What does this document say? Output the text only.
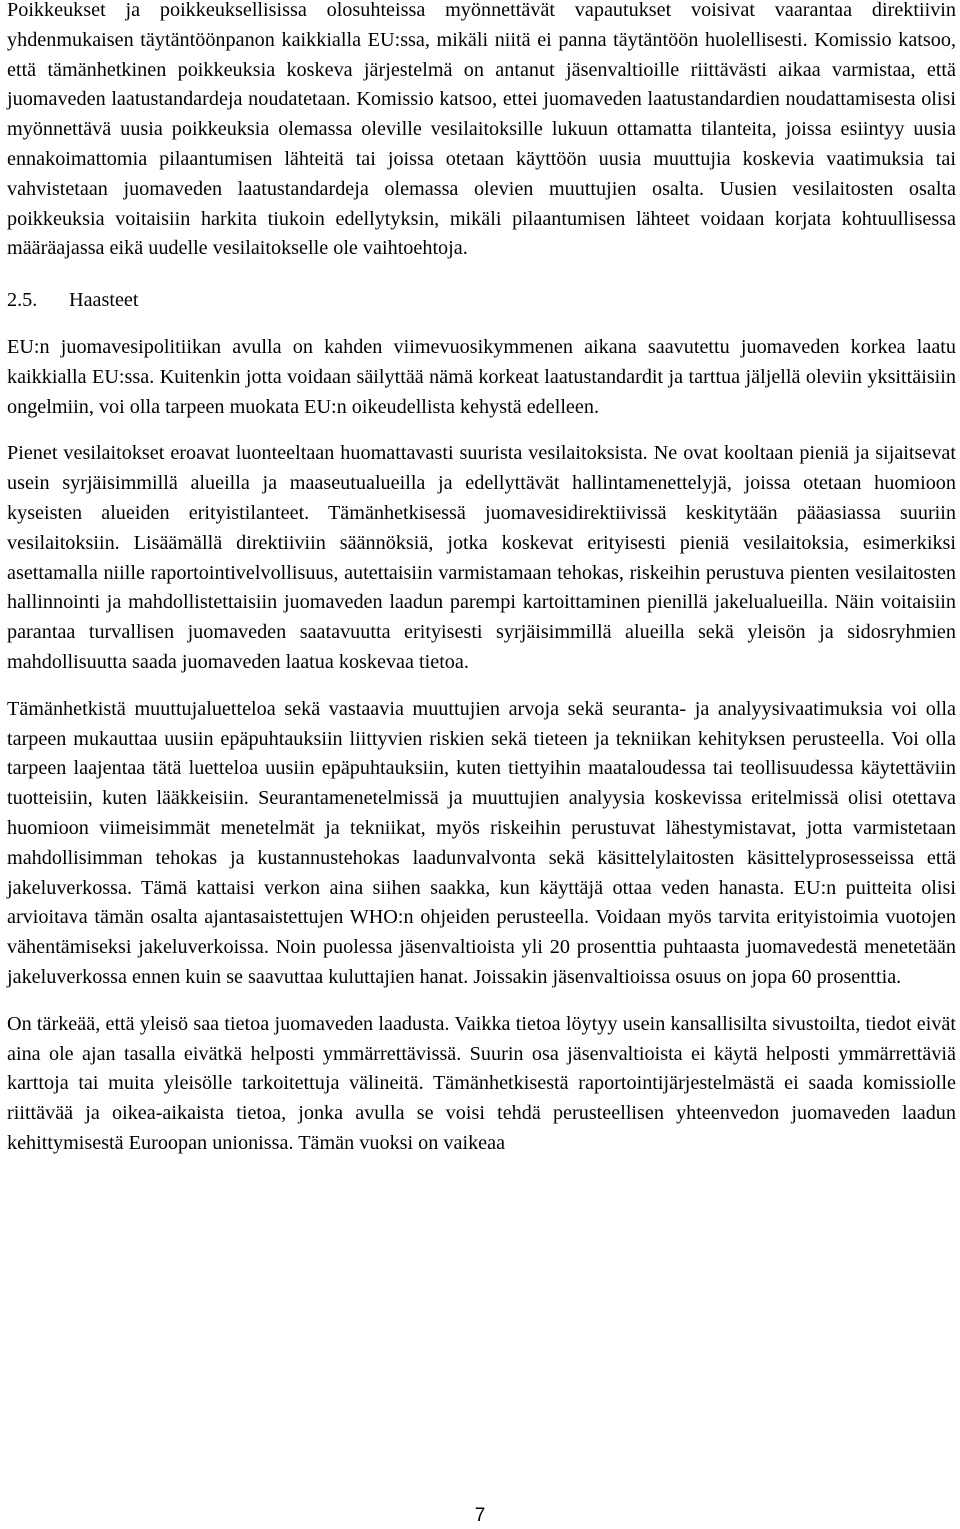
Poikkeukset ja poikkeuksellisissa olosuhteissa myönnettävät vapautukset voisivat vaarantaa direktiivin yhdenmukaisen täytäntöönpanon kaikkialla EU:ssa, mikäli niitä ei panna täytäntöön huolellisesti. Komissio katsoo, että tämänhetkinen poikkeuksia koskeva järjestelmä on antanut jäsenvaltioille riittävästi aikaa varmistaa, että juomaveden laatustandardeja noudatetaan. Komissio katsoo, ettei juomaveden laatustandardien noudattamisesta olisi myönnettävä uusia poikkeuksia olemassa oleville vesilaitoksille lukuun ottamatta tilanteita, joissa esiintyy uusia ennakoimattomia pilaantumisen lähteitä tai joissa otetaan käyttöön uusia muuttujia koskevia vaatimuksia tai vahvistetaan juomaveden laatustandardeja olemassa olevien muuttujien osalta. Uusien vesilaitosten osalta poikkeuksia voitaisiin harkita tiukoin edellytyksin, mikäli pilaantumisen lähteet voidaan korjata kohtuullisessa määräajassa eikä uudelle vesilaitokselle ole vaihtoehtoja.

2.5. Haasteet

EU:n juomavesipolitiikan avulla on kahden viimevuosikymmenen aikana saavutettu juomaveden korkea laatu kaikkialla EU:ssa. Kuitenkin jotta voidaan säilyttää nämä korkeat laatustandardit ja tarttua jäljellä oleviin yksittäisiin ongelmiin, voi olla tarpeen muokata EU:n oikeudellista kehystä edelleen.

Pienet vesilaitokset eroavat luonteeltaan huomattavasti suurista vesilaitoksista. Ne ovat kooltaan pieniä ja sijaitsevat usein syrjäisimmillä alueilla ja maaseutualueilla ja edellyttävät hallintamenettelyjä, joissa otetaan huomioon kyseisten alueiden erityistilanteet. Tämänhetkisessä juomavesidirektiivissä keskitytään pääasiassa suuriin vesilaitoksiin. Lisäämällä direktiiviin säännöksiä, jotka koskevat erityisesti pieniä vesilaitoksia, esimerkiksi asettamalla niille raportointivelvollisuus, autettaisiin varmistamaan tehokas, riskeihin perustuva pienten vesilaitosten hallinnointi ja mahdollistettaisiin juomaveden laadun parempi kartoittaminen pienillä jakelualueilla. Näin voitaisiin parantaa turvallisen juomaveden saatavuutta erityisesti syrjäisimmillä alueilla sekä yleisön ja sidosryhmien mahdollisuutta saada juomaveden laatua koskevaa tietoa.

Tämänhetkistä muuttujaluetteloa sekä vastaavia muuttujien arvoja sekä seuranta- ja analyysivaatimuksia voi olla tarpeen mukauttaa uusiin epäpuhtauksiin liittyvien riskien sekä tieteen ja tekniikan kehityksen perusteella. Voi olla tarpeen laajentaa tätä luetteloa uusiin epäpuhtauksiin, kuten tiettyihin maataloudessa tai teollisuudessa käytettäviin tuotteisiin, kuten lääkkeisiin. Seurantamenetelmissä ja muuttujien analyysia koskevissa eritelmissä olisi otettava huomioon viimeisimmät menetelmät ja tekniikat, myös riskeihin perustuvat lähestymistavat, jotta varmistetaan mahdollisimman tehokas ja kustannustehokas laadunvalvonta sekä käsittelylaitosten käsittelyprosesseissa että jakeluverkossa. Tämä kattaisi verkon aina siihen saakka, kun käyttäjä ottaa veden hanasta. EU:n puitteita olisi arvioitava tämän osalta ajantasaistettujen WHO:n ohjeiden perusteella. Voidaan myös tarvita erityistoimia vuotojen vähentämiseksi jakeluverkoissa. Noin puolessa jäsenvaltioista yli 20 prosenttia puhtaasta juomavedestä menetetään jakeluverkossa ennen kuin se saavuttaa kuluttajien hanat. Joissakin jäsenvaltioissa osuus on jopa 60 prosenttia.

On tärkeää, että yleisö saa tietoa juomaveden laadusta. Vaikka tietoa löytyy usein kansallisilta sivustoilta, tiedot eivät aina ole ajan tasalla eivätkä helposti ymmärrettävissä. Suurin osa jäsenvaltioista ei käytä helposti ymmärrettäviä karttoja tai muita yleisölle tarkoitettuja välineitä. Tämänhetkisestä raportointijärjestelmästä ei saada komissiolle riittävää ja oikea-aikaista tietoa, jonka avulla se voisi tehdä perusteellisen yhteenvedon juomaveden laadun kehittymisestä Euroopan unionissa. Tämän vuoksi on vaikeaa

7
